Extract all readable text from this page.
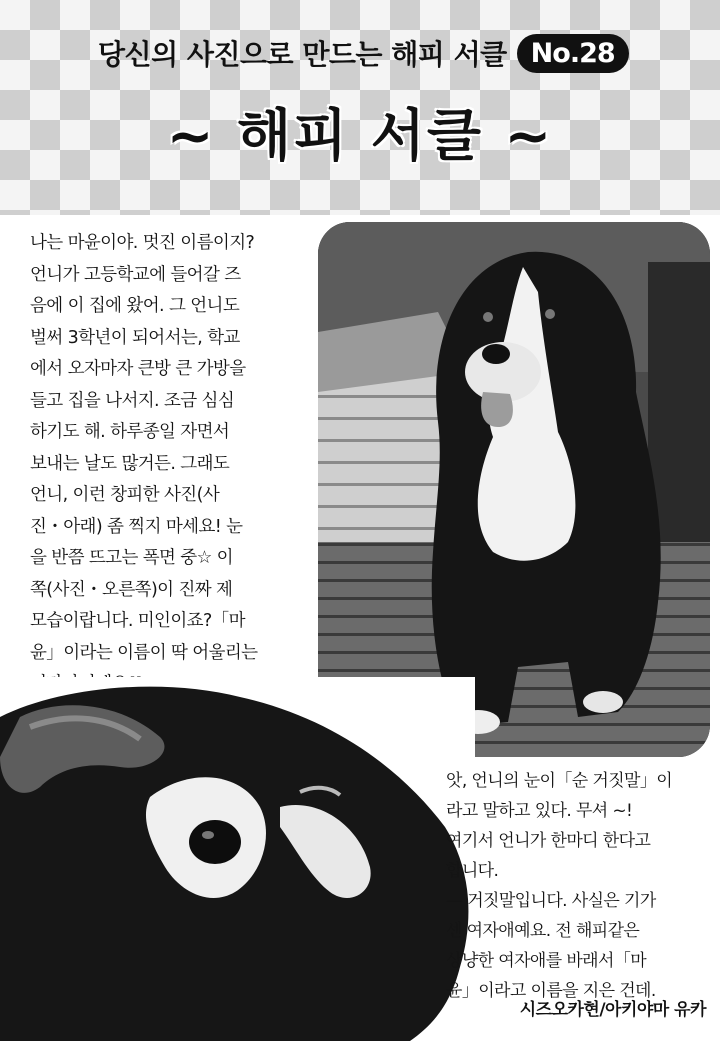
당신의 사진으로 만드는 해피 서클 No.28
~ 해피 서클 ~
나는 마윤이야. 멋진 이름이지?
언니가 고등학교에 들어갈 즈
음에 이 집에 왔어. 그 언니도
벌써 3학년이 되어서는, 학교
에서 오자마자 큰방 큰 가방을
들고 집을 나서지. 조금 심심
하기도 해. 하루종일 자면서
보내는 날도 많거든. 그래도
언니, 이런 창피한 사진(사
진・아래) 좀 찍지 마세요! 눈
을 반쯤 뜨고는 폭면 중☆ 이
쪽(사진・오른쪽)이 진짜 제
모습이랍니다. 미인이죠?「마
윤」이라는 이름이 딱 어울리는

앗, 언니의 눈이「순 거짓말」이
라고 말하고 있다. 무셔 ~!
여기서 언니가 한마디 한다고
합니다.
— 거짓말입니다. 사실은 기가
센 여자애예요. 전 해피같은
상냥한 여자애를 바래서「마
윤」이라고 이름을 지은 건데.
시즈오카현/아키야마 유카
